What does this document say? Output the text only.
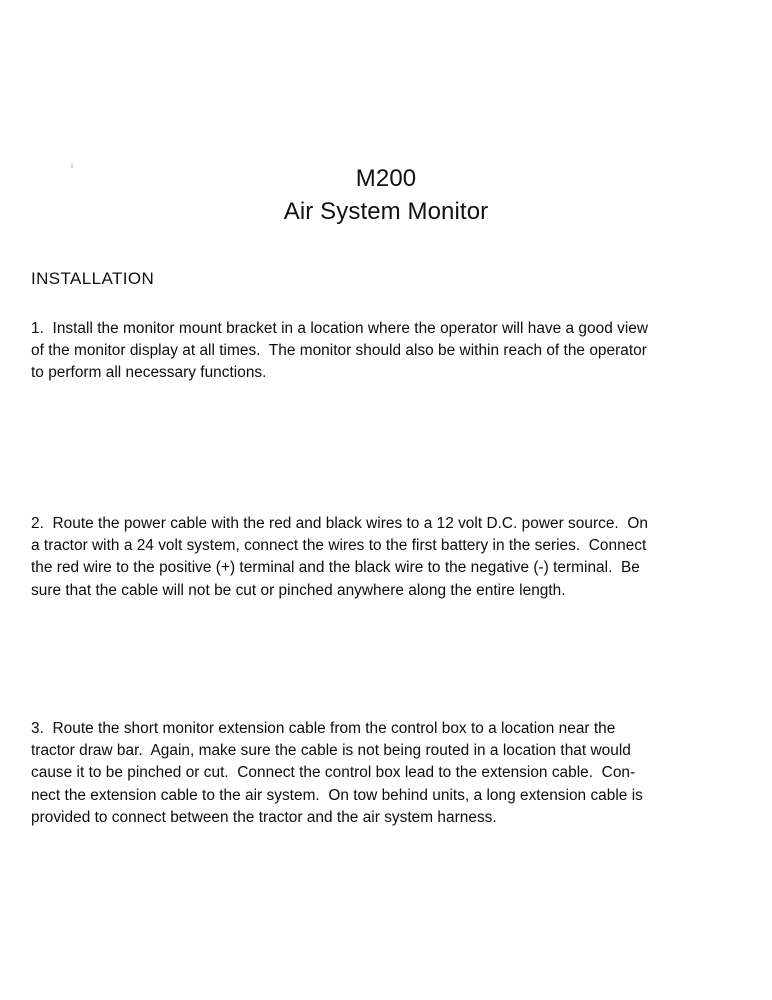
M200
Air System Monitor
INSTALLATION
1.  Install the monitor mount bracket in a location where the operator will have a good view
of the monitor display at all times.  The monitor should also be within reach of the operator
to perform all necessary functions.
2.  Route the power cable with the red and black wires to a 12 volt D.C. power source.  On
a tractor with a 24 volt system, connect the wires to the first battery in the series.  Connect
the red wire to the positive (+) terminal and the black wire to the negative (-) terminal.  Be
sure that the cable will not be cut or pinched anywhere along the entire length.
3.  Route the short monitor extension cable from the control box to a location near the
tractor draw bar.  Again, make sure the cable is not being routed in a location that would
cause it to be pinched or cut.  Connect the control box lead to the extension cable.  Con-
nect the extension cable to the air system.  On tow behind units, a long extension cable is
provided to connect between the tractor and the air system harness.
